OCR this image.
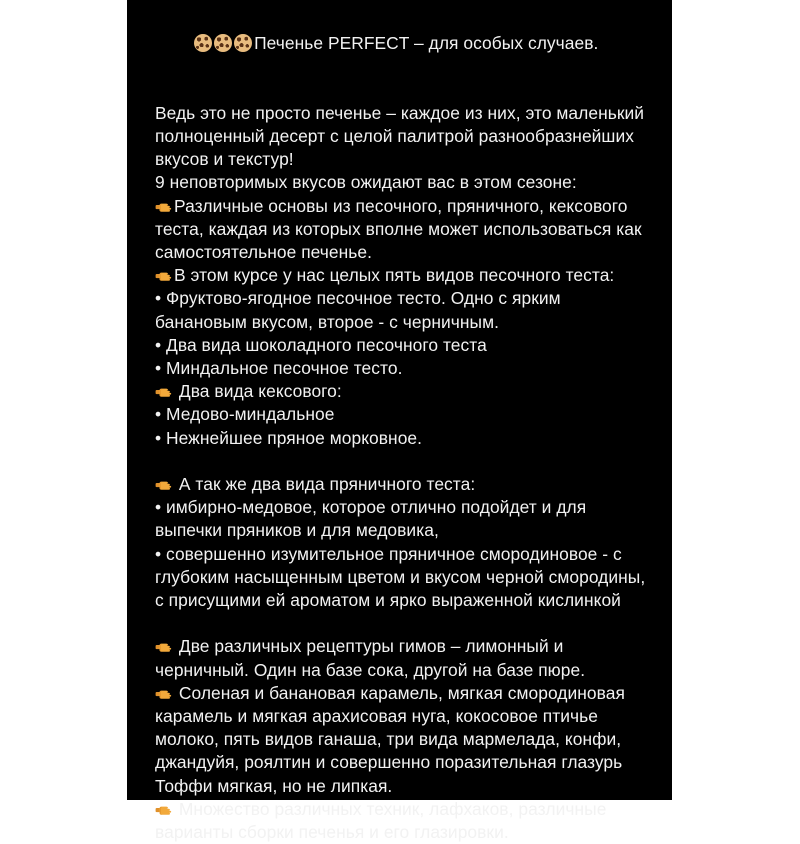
Печенье PERFECT – для особых случаев.

Ведь это не просто печенье – каждое из них, это маленький полноценный десерт с целой палитрой разнообразнейших вкусов и текстур!

9 неповторимых вкусов ожидают вас в этом сезоне:

Различные основы из песочного, пряничного, кексового теста, каждая из которых вполне может использоваться как самостоятельное печенье.

В этом курсе у нас целых пять видов песочного теста:

• Фруктово-ягодное песочное тесто. Одно с ярким банановым вкусом, второе - с черничным.

• Два вида шоколадного песочного теста

• Миндальное песочное тесто.

Два вида кексового:

• Медово-миндальное

• Нежнейшее пряное морковное.

А так же два вида пряничного теста:

• имбирно-медовое, которое отлично подойдет и для выпечки пряников и для медовика,

• совершенно изумительное пряничное смородиновое - с глубоким насыщенным цветом и вкусом черной смородины, с присущими ей ароматом и ярко выраженной кислинкой

Две различных рецептуры гимов – лимонный и черничный. Один на базе сока, другой на базе пюре.

Соленая и банановая карамель, мягкая смородиновая карамель и мягкая арахисовая нуга, кокосовое птичье молоко, пять видов ганаша, три вида мармелада, конфи, джандуйя, роялтин и совершенно поразительная глазурь Тоффи мягкая, но не липкая.

Множество различных техник, лафхаков, различные варианты сборки печенья и его глазировки.
